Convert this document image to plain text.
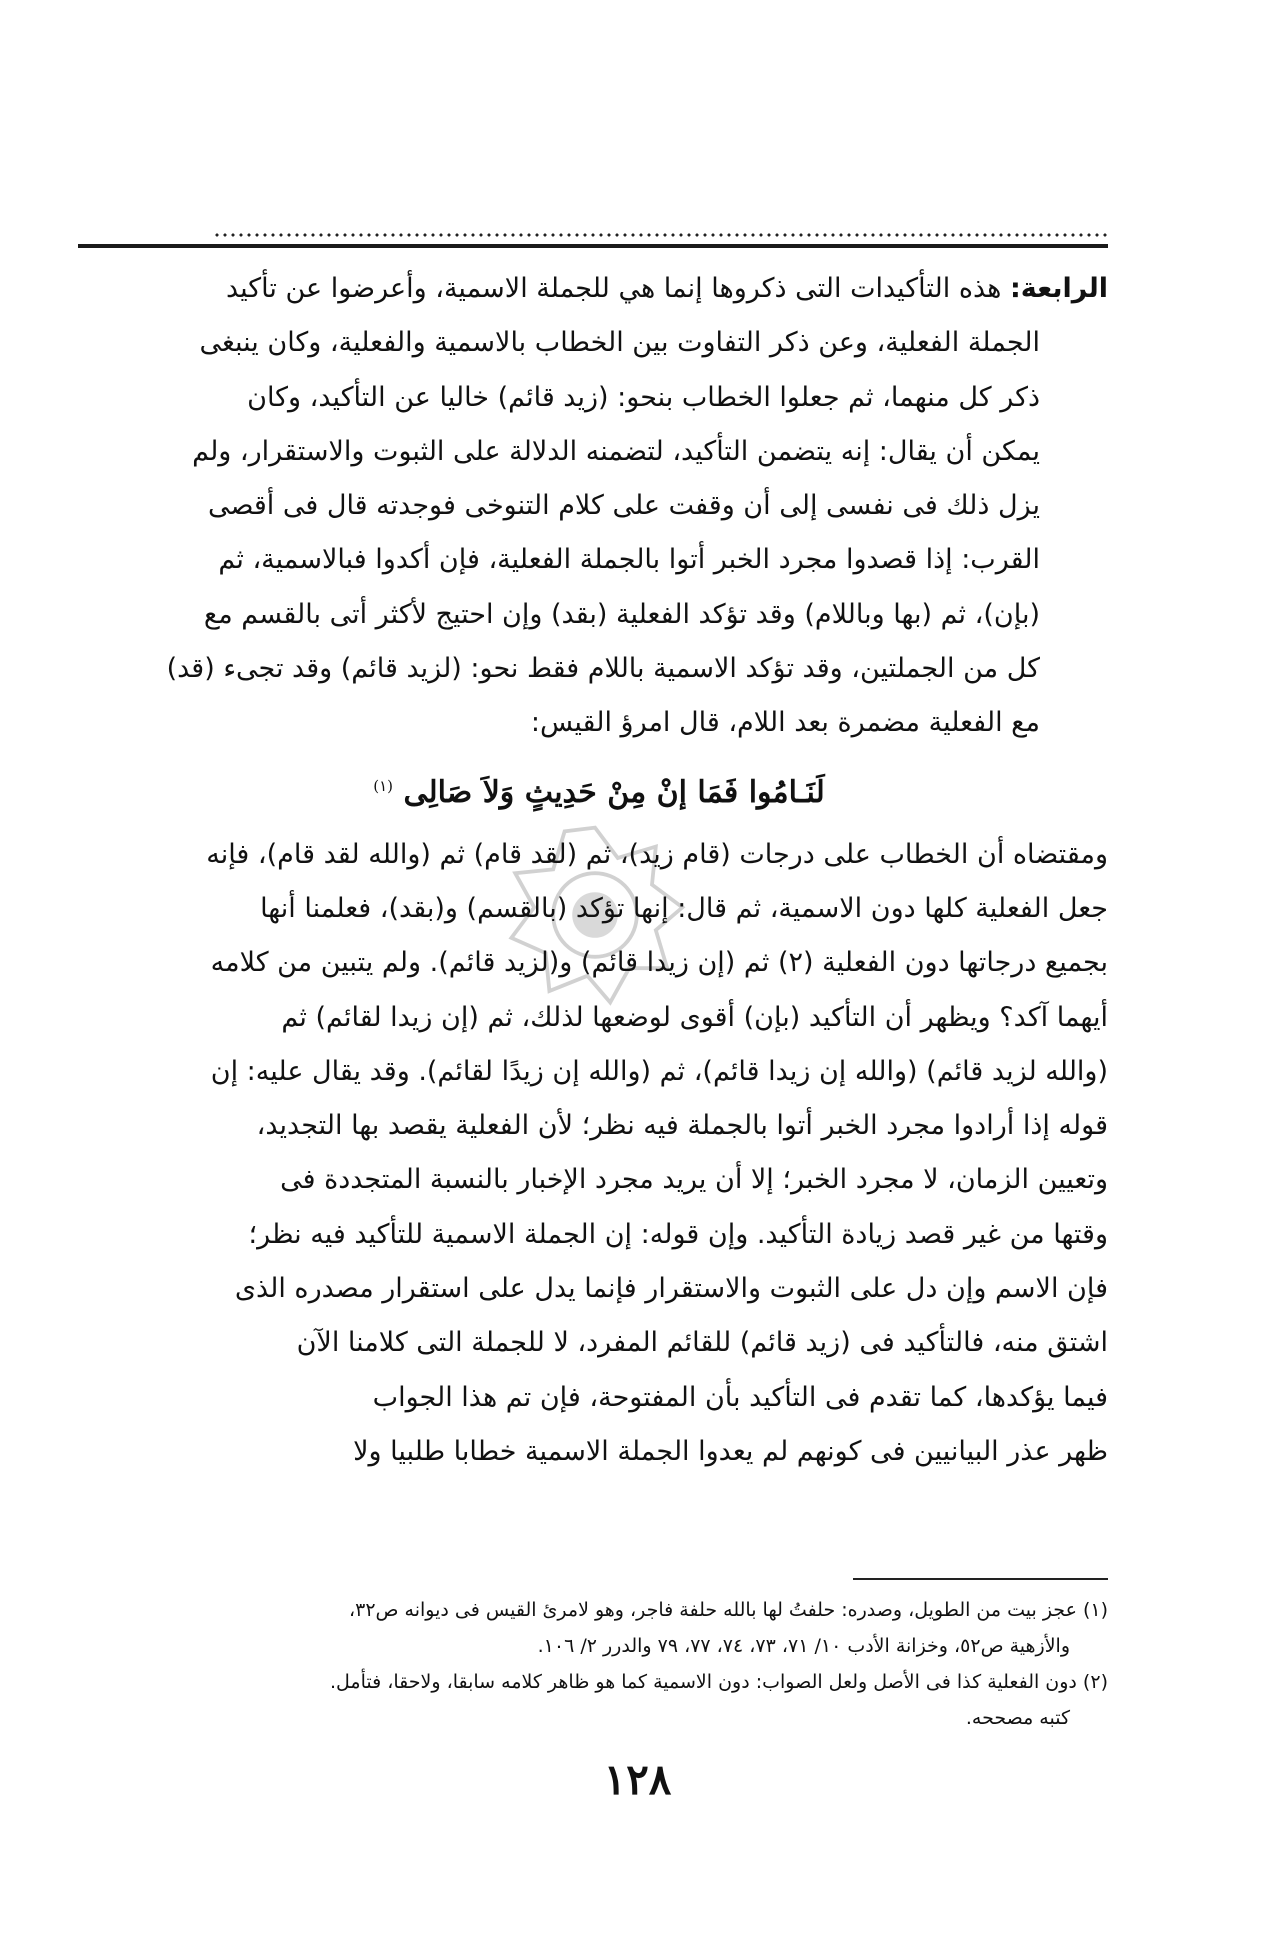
الرابعة: هذه التأكيدات التى ذكروها إنما هي للجملة الاسمية، وأعرضوا عن تأكيد

الجملة الفعلية، وعن ذكر التفاوت بين الخطاب بالاسمية والفعلية، وكان ينبغى

ذكر كل منهما، ثم جعلوا الخطاب بنحو: (زيد قائم) خاليا عن التأكيد، وكان

يمكن أن يقال: إنه يتضمن التأكيد، لتضمنه الدلالة على الثبوت والاستقرار، ولم

يزل ذلك فى نفسى إلى أن وقفت على كلام التنوخى فوجدته قال فى أقصى

القرب: إذا قصدوا مجرد الخبر أتوا بالجملة الفعلية، فإن أكدوا فبالاسمية، ثم

(بإن)، ثم (بها وباللام) وقد تؤكد الفعلية (بقد) وإن احتيج لأكثر أتى بالقسم مع

كل من الجملتين، وقد تؤكد الاسمية باللام فقط نحو: (لزيد قائم) وقد تجىء (قد)

مع الفعلية مضمرة بعد اللام، قال امرؤ القيس:

لَنَـامُوا فَمَا إنْ مِنْ حَدِيثٍ وَلاَ صَالِى $^{(١)}$

ومقتضاه أن الخطاب على درجات (قام زيد)، ثم (لقد قام) ثم (والله لقد قام)، فإنه

جعل الفعلية كلها دون الاسمية، ثم قال: إنها تؤكد (بالقسم) و(بقد)، فعلمنا أنها

بجميع درجاتها دون الفعلية (٢) ثم (إن زيدا قائم) و(لزيد قائم). ولم يتبين من كلامه

أيهما آكد؟ ويظهر أن التأكيد (بإن) أقوى لوضعها لذلك، ثم (إن زيدا لقائم) ثم

(والله لزيد قائم) (والله إن زيدا قائم)، ثم (والله إن زيدًا لقائم). وقد يقال عليه: إن

قوله إذا أرادوا مجرد الخبر أتوا بالجملة فيه نظر؛ لأن الفعلية يقصد بها التجديد،

وتعيين الزمان، لا مجرد الخبر؛ إلا أن يريد مجرد الإخبار بالنسبة المتجددة فى

وقتها من غير قصد زيادة التأكيد. وإن قوله: إن الجملة الاسمية للتأكيد فيه نظر؛

فإن الاسم وإن دل على الثبوت والاستقرار فإنما يدل على استقرار مصدره الذى

اشتق منه، فالتأكيد فى (زيد قائم) للقائم المفرد، لا للجملة التى كلامنا الآن

فيما يؤكدها، كما تقدم فى التأكيد بأن المفتوحة، فإن تم هذا الجواب

ظهر عذر البيانيين فى كونهم لم يعدوا الجملة الاسمية خطابا طلبيا ولا

(١) عجز بيت من الطويل، وصدره: حلفتُ لها بالله حلفة فاجر، وهو لامرئ القيس فى ديوانه ص٣٢،

والأزهية ص٥٢، وخزانة الأدب ١٠/ ٧١، ٧٣، ٧٤، ٧٧، ٧٩ والدرر ٢/ ١٠٦.

(٢) دون الفعلية كذا فى الأصل ولعل الصواب: دون الاسمية كما هو ظاهر كلامه سابقا، ولاحقا، فتأمل.

كتبه مصححه.

١٢٨
